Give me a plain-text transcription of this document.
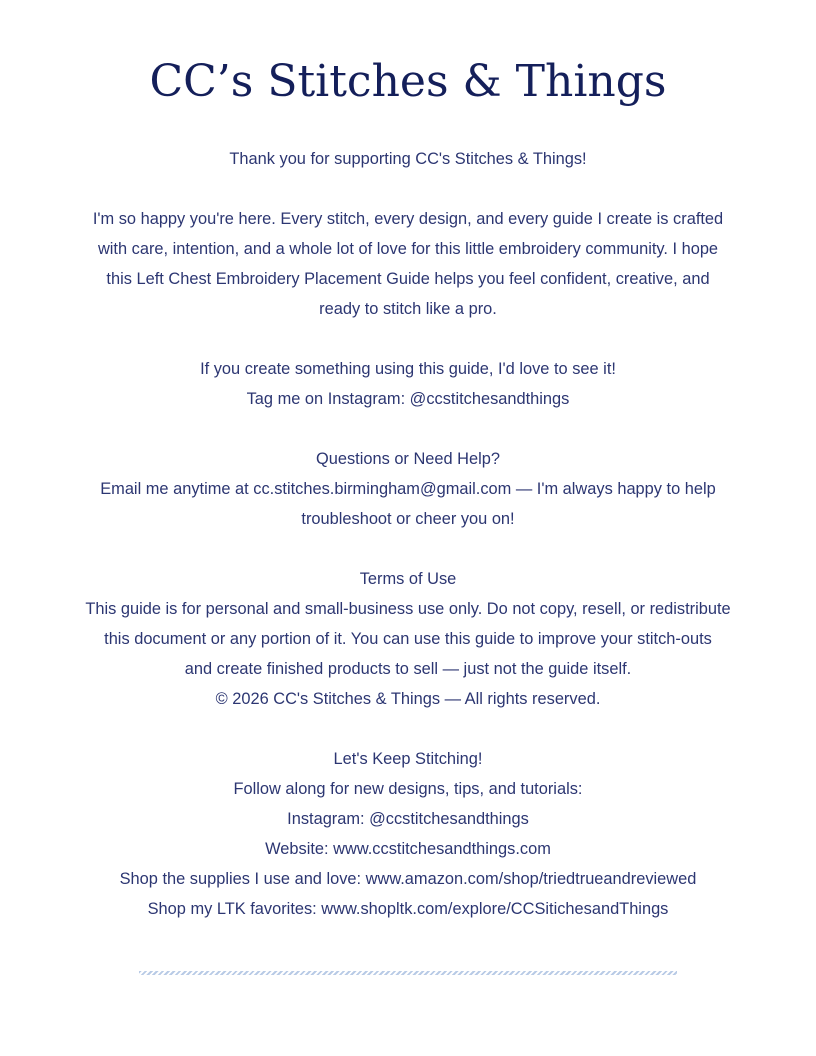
CC’s Stitches & Things
Thank you for supporting CC's Stitches & Things!
I'm so happy you're here. Every stitch, every design, and every guide I create is crafted
with care, intention, and a whole lot of love for this little embroidery community. I hope
this Left Chest Embroidery Placement Guide helps you feel confident, creative, and
ready to stitch like a pro.
If you create something using this guide, I'd love to see it!
Tag me on Instagram: @ccstitchesandthings
Questions or Need Help?
Email me anytime at cc.stitches.birmingham@gmail.com — I'm always happy to help
troubleshoot or cheer you on!
Terms of Use
This guide is for personal and small-business use only. Do not copy, resell, or redistribute
this document or any portion of it. You can use this guide to improve your stitch-outs
and create finished products to sell — just not the guide itself.
© 2026 CC's Stitches & Things — All rights reserved.
Let's Keep Stitching!
Follow along for new designs, tips, and tutorials:
Instagram: @ccstitchesandthings
Website: www.ccstitchesandthings.com
Shop the supplies I use and love: www.amazon.com/shop/triedtrueandreviewed
Shop my LTK favorites: www.shopltk.com/explore/CCSitichesandThings
